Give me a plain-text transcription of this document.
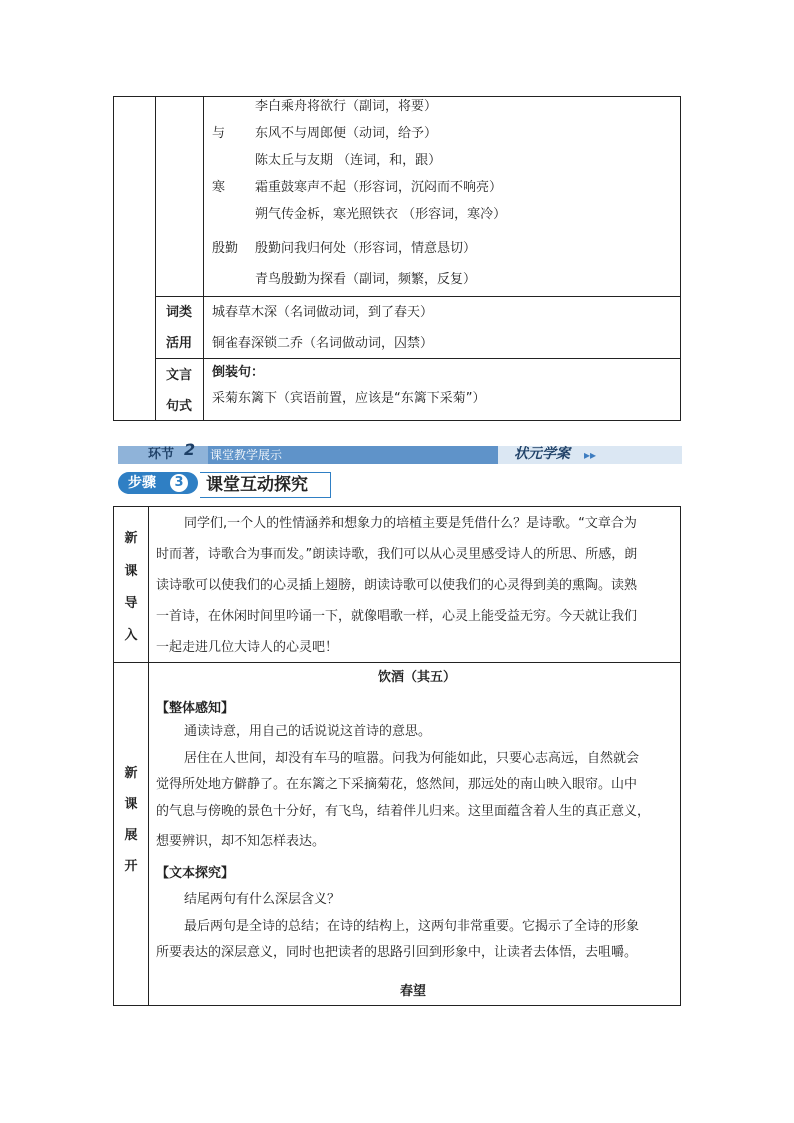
与
寒
殷勤
李白乘舟将欲行（副词，将要）
东风不与周郎便（动词，给予）
陈太丘与友期 （连词，和，跟）
霜重鼓寒声不起（形容词，沉闷而不响亮）
朔气传金柝，寒光照铁衣 （形容词，寒冷）
殷勤问我归何处（形容词，情意恳切）
青鸟殷勤为探看（副词，频繁，反复）
词类
活用
城春草木深（名词做动词，到了春天）
铜雀春深锁二乔（名词做动词，囚禁）
文言
句式
倒装句：
采菊东篱下（宾语前置，应该是“东篱下采菊”）
环节 2 课堂教学展示	状元学案 ▸▸
步骤	3 课堂互动探究
新
课
导
入
同学们,一个人的性情涵养和想象力的培植主要是凭借什么？是诗歌。“文章合为
时而著，诗歌合为事而发。”朗读诗歌，我们可以从心灵里感受诗人的所思、所感，朗
读诗歌可以使我们的心灵插上翅膀，朗读诗歌可以使我们的心灵得到美的熏陶。读熟
一首诗，在休闲时间里吟诵一下，就像唱歌一样，心灵上能受益无穷。今天就让我们
一起走进几位大诗人的心灵吧！
新
课
展
开
饮酒（其五）
【整体感知】
通读诗意，用自己的话说说这首诗的意思。
居住在人世间，却没有车马的喧嚣。问我为何能如此，只要心志高远，自然就会
觉得所处地方僻静了。在东篱之下采摘菊花，悠然间，那远处的南山映入眼帘。山中
的气息与傍晚的景色十分好，有飞鸟，结着伴儿归来。这里面蕴含着人生的真正意义，
想要辨识，却不知怎样表达。
【文本探究】
结尾两句有什么深层含义？
最后两句是全诗的总结；在诗的结构上，这两句非常重要。它揭示了全诗的形象
所要表达的深层意义，同时也把读者的思路引回到形象中，让读者去体悟，去咀嚼。
春望
